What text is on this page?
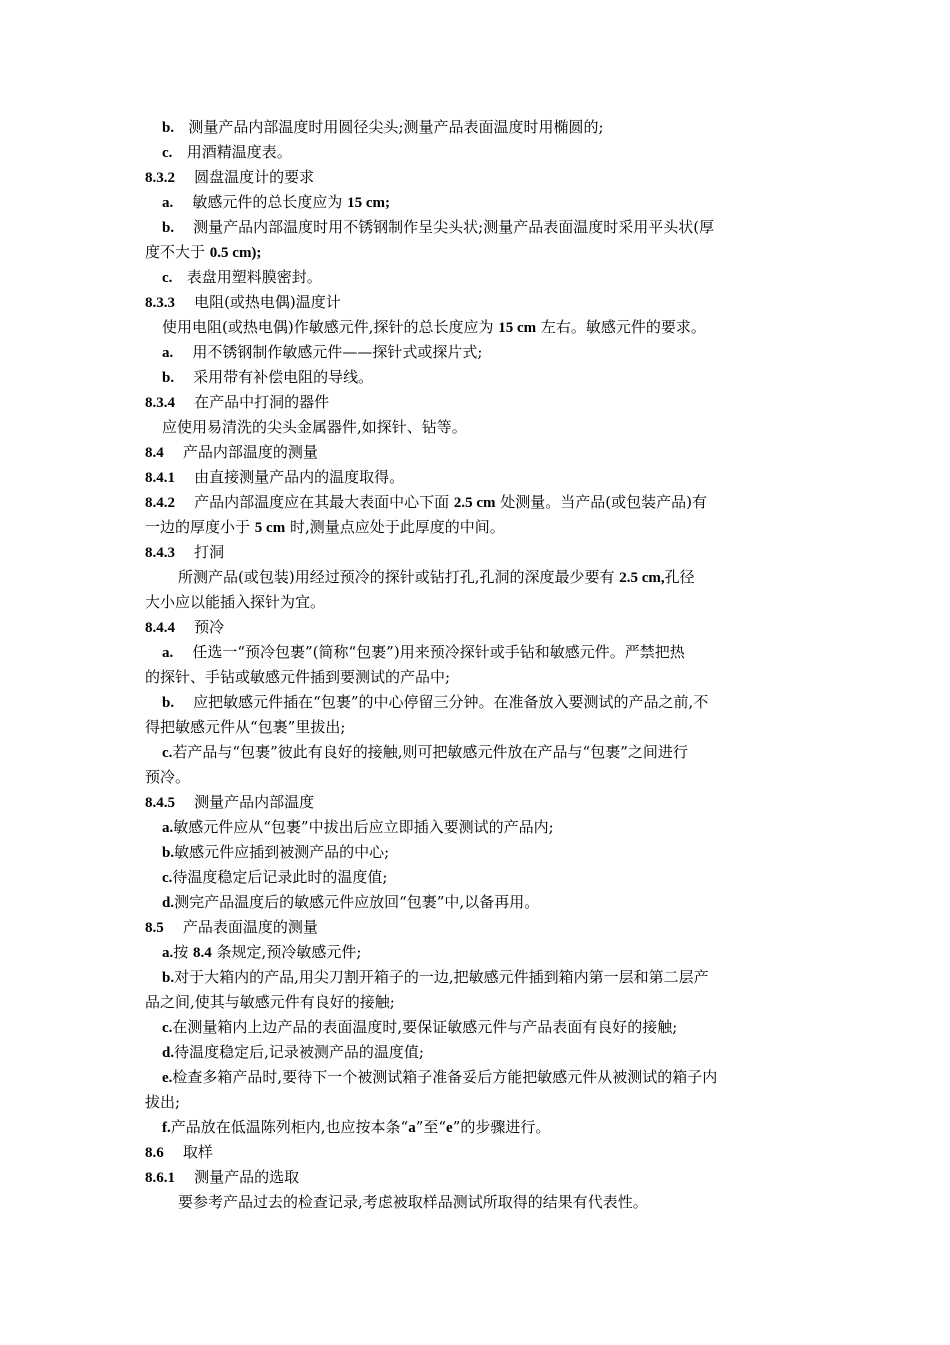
b. 测量产品内部温度时用圆径尖头;测量产品表面温度时用椭圆的;
c. 用酒精温度表。
8.3.2 圆盘温度计的要求
a. 敏感元件的总长度应为 15 cm;
b. 测量产品内部温度时用不锈钢制作呈尖头状;测量产品表面温度时采用平头状(厚
度不大于 0.5 cm);
c. 表盘用塑料膜密封。
8.3.3 电阻(或热电偶)温度计
使用电阻(或热电偶)作敏感元件,探针的总长度应为 15 cm 左右。敏感元件的要求。
a. 用不锈钢制作敏感元件——探针式或探片式;
b. 采用带有补偿电阻的导线。
8.3.4 在产品中打洞的器件
应使用易清洗的尖头金属器件,如探针、钻等。
8.4 产品内部温度的测量
8.4.1 由直接测量产品内的温度取得。
8.4.2 产品内部温度应在其最大表面中心下面 2.5 cm 处测量。当产品(或包装产品)有
一边的厚度小于 5 cm 时,测量点应处于此厚度的中间。
8.4.3 打洞
所测产品(或包装)用经过预冷的探针或钻打孔,孔洞的深度最少要有 2.5 cm,孔径
大小应以能插入探针为宜。
8.4.4 预冷
a. 任选一“预冷包裹”(简称“包裹”)用来预冷探针或手钻和敏感元件。严禁把热
的探针、手钻或敏感元件插到要测试的产品中;
b. 应把敏感元件插在“包裹”的中心停留三分钟。在准备放入要测试的产品之前,不
得把敏感元件从“包裹”里拔出;
c.若产品与“包裹”彼此有良好的接触,则可把敏感元件放在产品与“包裹”之间进行
预冷。
8.4.5 测量产品内部温度
a.敏感元件应从“包裹”中拔出后应立即插入要测试的产品内;
b.敏感元件应插到被测产品的中心;
c.待温度稳定后记录此时的温度值;
d.测完产品温度后的敏感元件应放回“包裹”中,以备再用。
8.5 产品表面温度的测量
a.按 8.4 条规定,预冷敏感元件;
b.对于大箱内的产品,用尖刀割开箱子的一边,把敏感元件插到箱内第一层和第二层产
品之间,使其与敏感元件有良好的接触;
c.在测量箱内上边产品的表面温度时,要保证敏感元件与产品表面有良好的接触;
d.待温度稳定后,记录被测产品的温度值;
e.检查多箱产品时,要待下一个被测试箱子准备妥后方能把敏感元件从被测试的箱子内
拔出;
f.产品放在低温陈列柜内,也应按本条“a”至“e”的步骤进行。
8.6 取样
8.6.1 测量产品的选取
要参考产品过去的检查记录,考虑被取样品测试所取得的结果有代表性。
